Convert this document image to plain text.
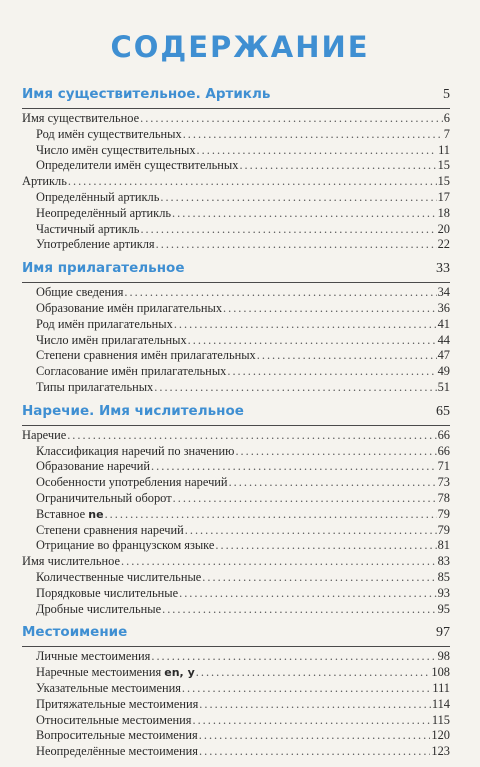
СОДЕРЖАНИЕ
Имя существительное. Артикль	5
Имя существительное .....	6
Род имён существительных .....	7
Число имён существительных .....	11
Определители имён существительных .....	15
Артикль .....	15
Определённый артикль .....	17
Неопределённый артикль .....	18
Частичный артикль .....	20
Употребление артикля .....	22
Имя прилагательное	33
Общие сведения .....	34
Образование имён прилагательных .....	36
Род имён прилагательных .....	41
Число имён прилагательных .....	44
Степени сравнения имён прилагательных .....	47
Согласование имён прилагательных .....	49
Типы прилагательных .....	51
Наречие. Имя числительное	65
Наречие .....	66
Классификация наречий по значению .....	66
Образование наречий .....	71
Особенности употребления наречий .....	73
Ограничительный оборот .....	78
Вставное ne .....	79
Степени сравнения наречий .....	79
Отрицание во французском языке .....	81
Имя числительное .....	83
Количественные числительные .....	85
Порядковые числительные .....	93
Дробные числительные .....	95
Местоимение	97
Личные местоимения .....	98
Наречные местоимения en, y .....	108
Указательные местоимения .....	111
Притяжательные местоимения .....	114
Относительные местоимения .....	115
Вопросительные местоимения .....	120
Неопределённые местоимения .....	123
